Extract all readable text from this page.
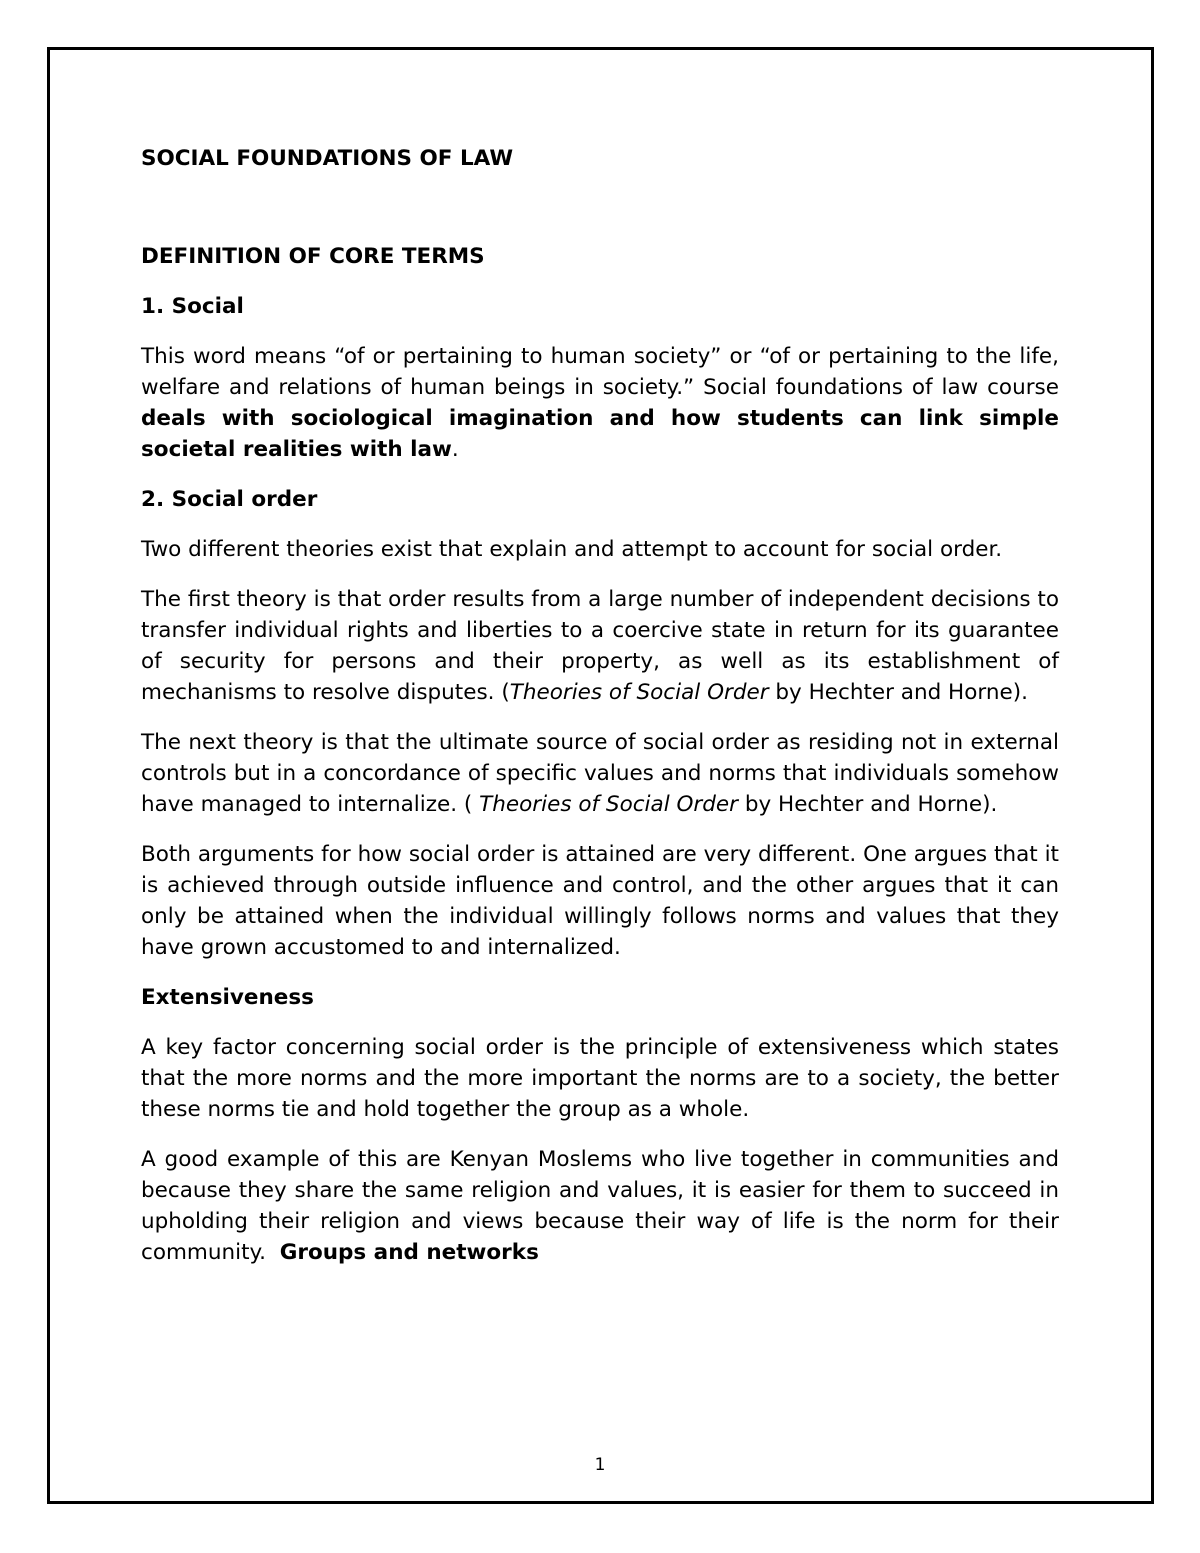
SOCIAL FOUNDATIONS OF LAW
DEFINITION OF CORE TERMS
1. Social

This word means “of or pertaining to human society” or “of or pertaining to the life, welfare and relations of human beings in society.” Social foundations of law course deals with sociological imagination and how students can link simple societal realities with law.

2. Social order

Two different theories exist that explain and attempt to account for social order.

The first theory is that order results from a large number of independent decisions to transfer individual rights and liberties to a coercive state in return for its guarantee of security for persons and their property, as well as its establishment of mechanisms to resolve disputes. (Theories of Social Order by Hechter and Horne).

The next theory is that the ultimate source of social order as residing not in external controls but in a concordance of specific values and norms that individuals somehow have managed to internalize. ( Theories of Social Order by Hechter and Horne).

Both arguments for how social order is attained are very different. One argues that it is achieved through outside influence and control, and the other argues that it can only be attained when the individual willingly follows norms and values that they have grown accustomed to and internalized.

Extensiveness

A key factor concerning social order is the principle of extensiveness which states that the more norms and the more important the norms are to a society, the better these norms tie and hold together the group as a whole.

A good example of this are Kenyan Moslems who live together in communities and because they share the same religion and values, it is easier for them to succeed in upholding their religion and views because their way of life is the norm for their community. Groups and networks

1
